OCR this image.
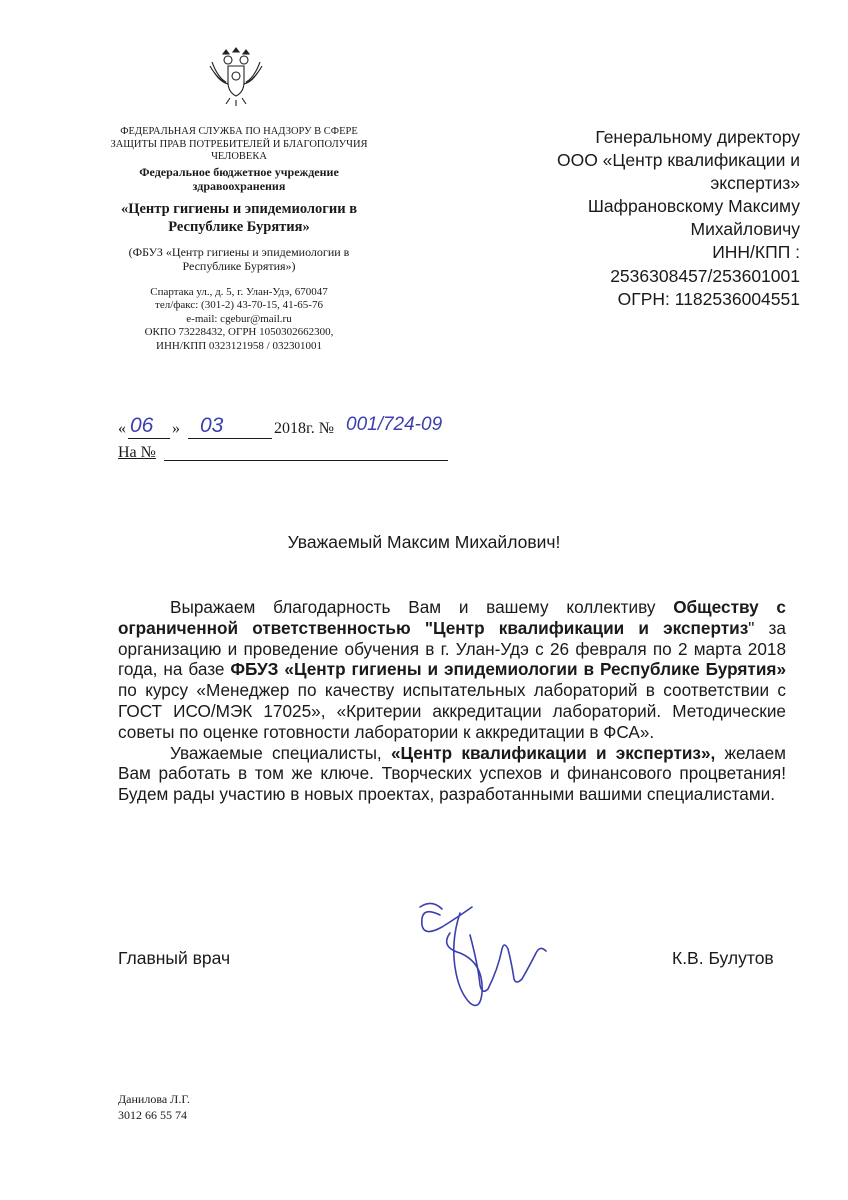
ФЕДЕРАЛЬНАЯ СЛУЖБА ПО НАДЗОРУ В СФЕРЕ ЗАЩИТЫ ПРАВ ПОТРЕБИТЕЛЕЙ И БЛАГОПОЛУЧИЯ ЧЕЛОВЕКА
Федеральное бюджетное учреждение здравоохранения
«Центр гигиены и эпидемиологии в Республике Бурятия»
(ФБУЗ «Центр гигиены и эпидемиологии в Республике Бурятия»)
Спартака ул., д. 5, г. Улан-Удэ, 670047
тел/факс: (301-2) 43-70-15, 41-65-76
e-mail: cgebur@mail.ru
ОКПО 73228432, ОГРН 1050302662300,
ИНН/КПП 0323121958 / 032301001
Генеральному директору
ООО «Центр квалификации и
экспертиз»
Шафрановскому Максиму
Михайловичу
ИНН/КПП :
2536308457/253601001
ОГРН: 1182536004551
« 06 » 03	2018г. № 001/724-09
На №
Уважаемый Максим Михайлович!

Выражаем благодарность Вам и вашему коллективу Обществу с ограниченной ответственностью "Центр квалификации и экспертиз" за организацию и проведение обучения в г. Улан-Удэ с 26 февраля по 2 марта 2018 года, на базе ФБУЗ «Центр гигиены и эпидемиологии в Республике Бурятия» по курсу «Менеджер по качеству испытательных лабораторий в соответствии с ГОСТ ИСО/МЭК 17025», «Критерии аккредитации лабораторий. Методические советы по оценке готовности лаборатории к аккредитации в ФСА».

Уважаемые специалисты, «Центр квалификации и экспертиз», желаем Вам работать в том же ключе. Творческих успехов и финансового процветания! Будем рады участию в новых проектах, разработанными вашими специалистами.

Главный врач	К.В. Булутов
Данилова Л.Г.
3012 66 55 74
